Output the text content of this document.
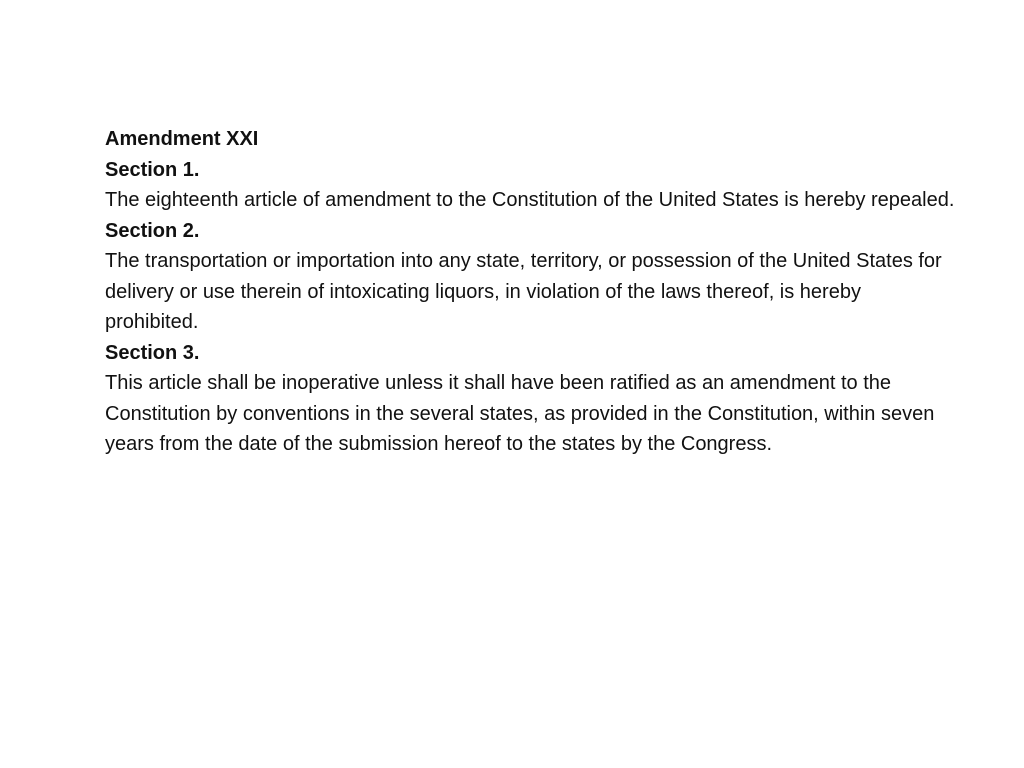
Amendment XXI

Section 1.

The eighteenth article of amendment to the Constitution of the United States is hereby repealed.

Section 2.

The transportation or importation into any state, territory, or possession of the United States for delivery or use therein of intoxicating liquors, in violation of the laws thereof, is hereby prohibited.

Section 3.

This article shall be inoperative unless it shall have been ratified as an amendment to the Constitution by conventions in the several states, as provided in the Constitution, within seven years from the date of the submission hereof to the states by the Congress.
